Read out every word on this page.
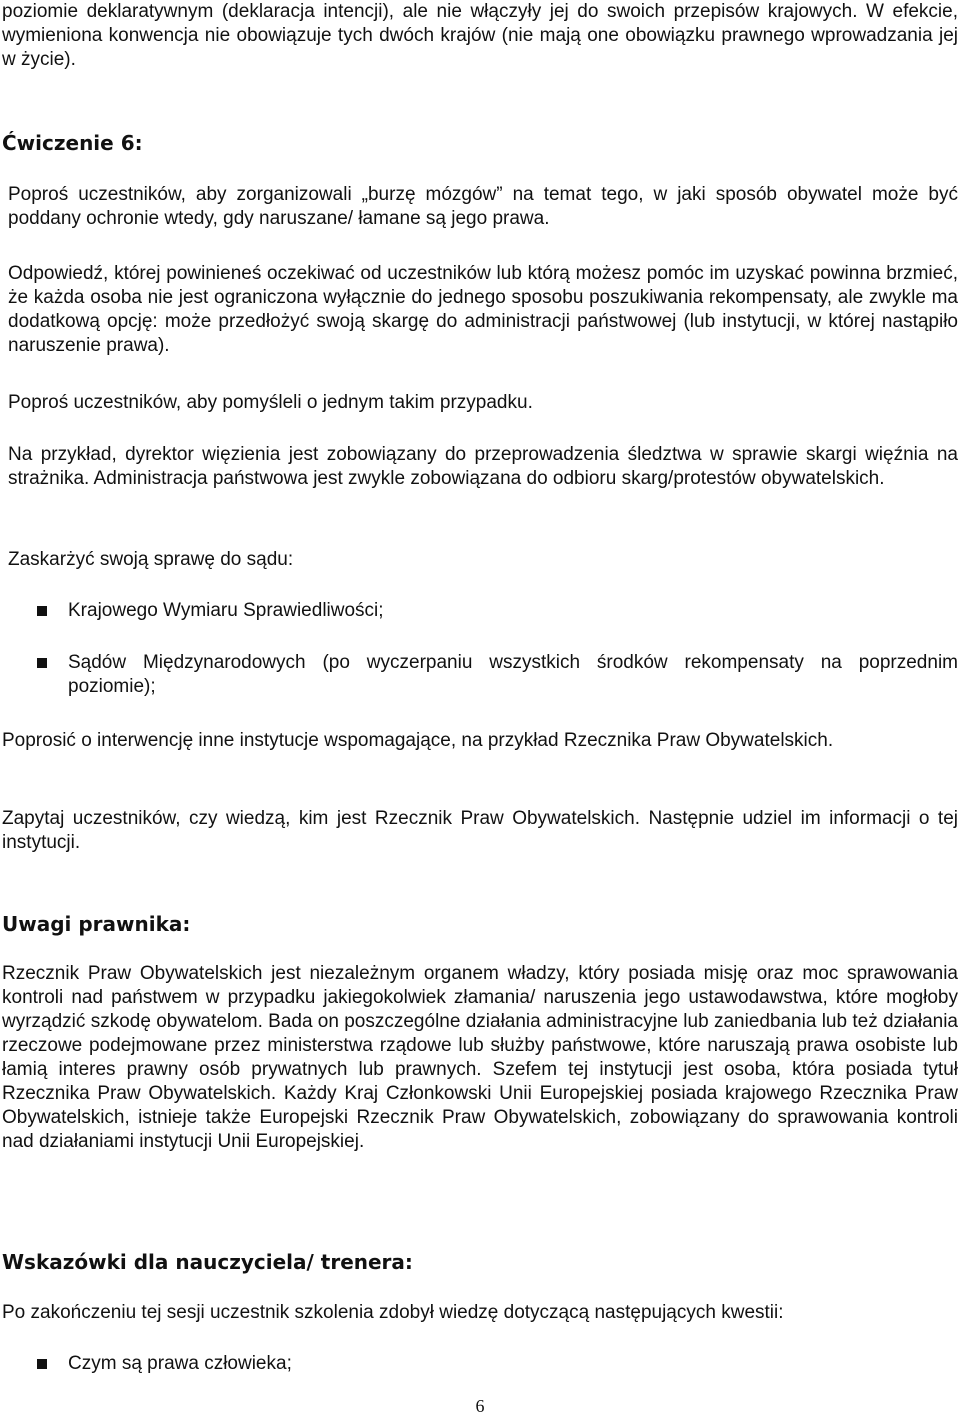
poziomie deklaratywnym (deklaracja intencji), ale nie włączyły jej do swoich przepisów krajowych. W efekcie, wymieniona konwencja nie obowiązuje tych dwóch krajów (nie mają one obowiązku prawnego wprowadzania jej w życie).

Ćwiczenie 6:

Poproś uczestników, aby zorganizowali „burzę mózgów” na temat tego, w jaki sposób obywatel może być poddany ochronie wtedy, gdy naruszane/ łamane są jego prawa.

Odpowiedź, której powinieneś oczekiwać od uczestników lub którą możesz pomóc im uzyskać powinna brzmieć, że każda osoba nie jest ograniczona wyłącznie do jednego sposobu poszukiwania rekompensaty, ale zwykle ma dodatkową opcję: może przedłożyć swoją skargę do administracji państwowej (lub instytucji, w której nastąpiło naruszenie prawa).

Poproś uczestników, aby pomyśleli o jednym takim przypadku.

Na przykład, dyrektor więzienia jest zobowiązany do przeprowadzenia śledztwa w sprawie skargi więźnia na strażnika. Administracja państwowa jest zwykle zobowiązana do odbioru skarg/protestów obywatelskich.

Zaskarżyć swoją sprawę do sądu:

Krajowego Wymiaru Sprawiedliwości;

Sądów Międzynarodowych (po wyczerpaniu wszystkich środków rekompensaty na poprzednim poziomie);

Poprosić o interwencję inne instytucje wspomagające, na przykład Rzecznika Praw Obywatelskich.

Zapytaj uczestników, czy wiedzą, kim jest Rzecznik Praw Obywatelskich. Następnie udziel im informacji o tej instytucji.

Uwagi prawnika:

Rzecznik Praw Obywatelskich jest niezależnym organem władzy, który posiada misję oraz moc sprawowania kontroli nad państwem w przypadku jakiegokolwiek złamania/ naruszenia jego ustawodawstwa, które mogłoby wyrządzić szkodę obywatelom. Bada on poszczególne działania administracyjne lub zaniedbania lub też działania rzeczowe podejmowane przez ministerstwa rządowe lub służby państwowe, które naruszają prawa osobiste lub łamią interes prawny osób prywatnych lub prawnych. Szefem tej instytucji jest osoba, która posiada tytuł Rzecznika Praw Obywatelskich. Każdy Kraj Członkowski Unii Europejskiej posiada krajowego Rzecznika Praw Obywatelskich, istnieje także Europejski Rzecznik Praw Obywatelskich, zobowiązany do sprawowania kontroli nad działaniami instytucji Unii Europejskiej.

Wskazówki dla nauczyciela/ trenera:

Po zakończeniu tej sesji uczestnik szkolenia zdobył wiedzę dotyczącą następujących kwestii:

Czym są prawa człowieka;

6
